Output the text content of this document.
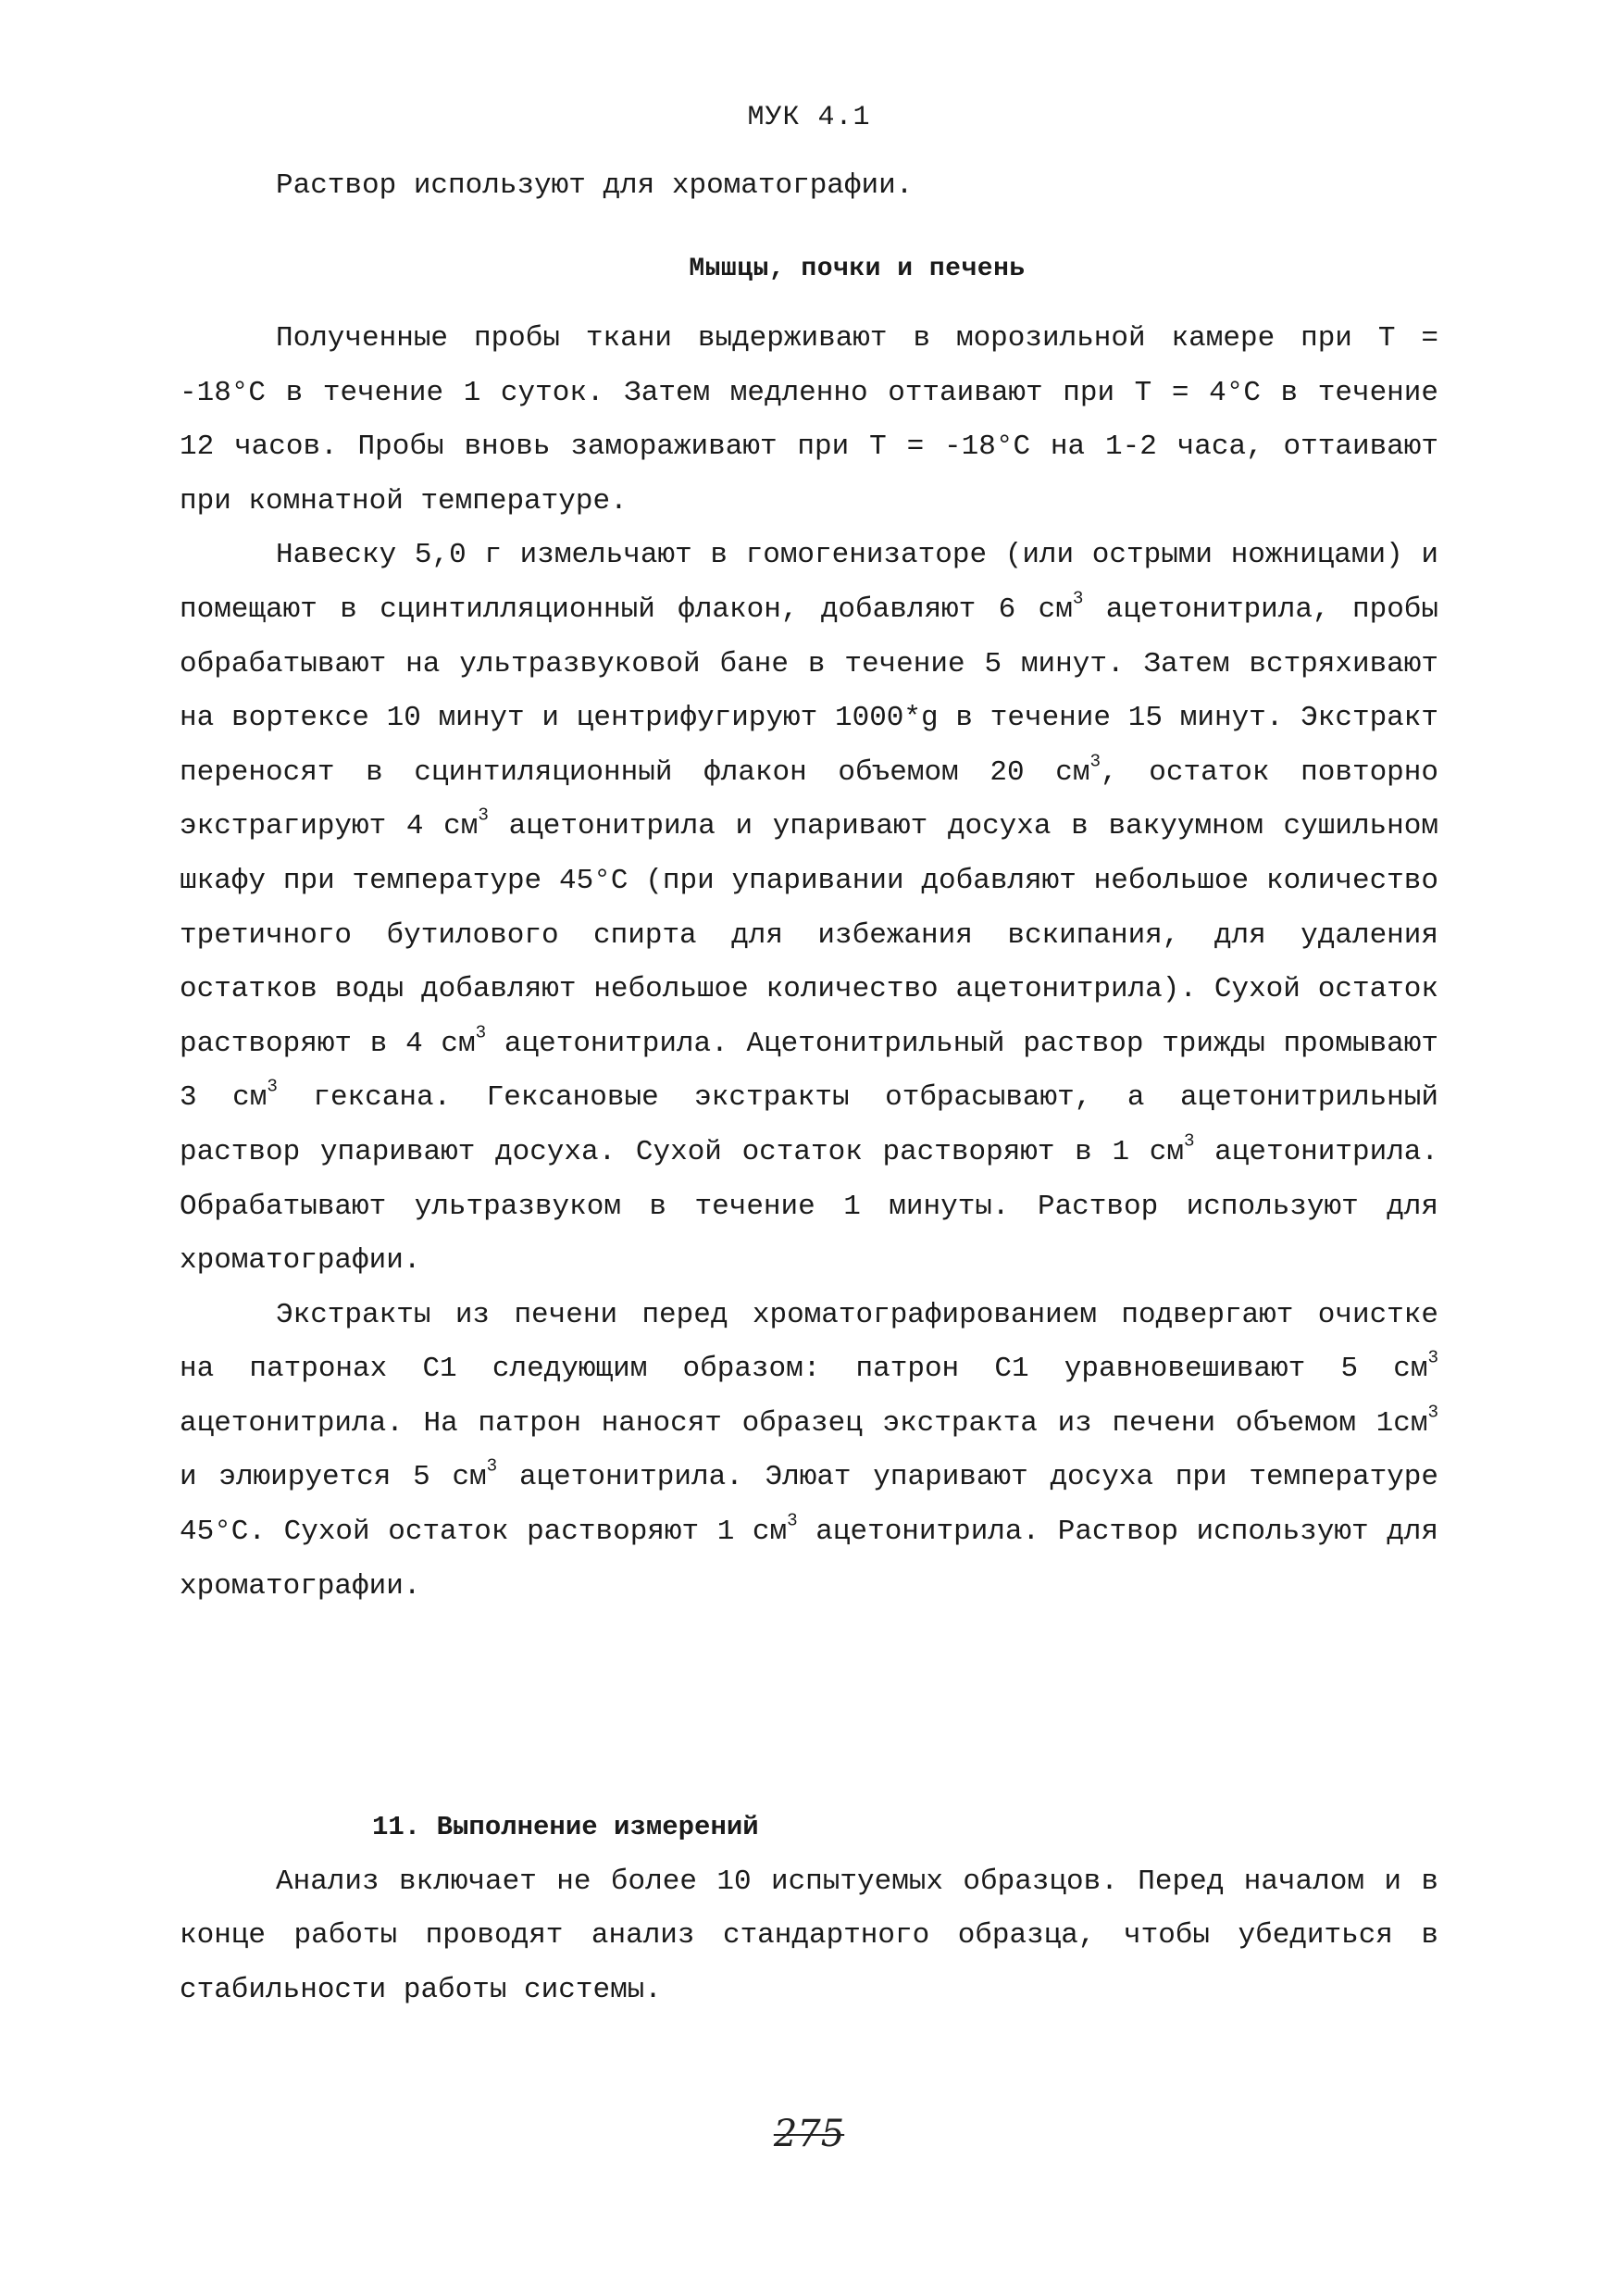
МУК 4.1

Раствор используют для хроматографии.

Мышцы, почки и печень

Полученные пробы ткани выдерживают в морозильной камере при Т = -18°С в течение 1 суток. Затем медленно оттаивают при Т = 4°С в течение 12 часов. Пробы вновь замораживают при Т = -18°С на 1-2 часа, оттаивают при комнатной температуре.

Навеску 5,0 г измельчают в гомогенизаторе (или острыми ножницами) и помещают в сцинтилляционный флакон, добавляют 6 $см^3$ ацетонитрила, пробы обрабатывают на ультразвуковой бане в течение 5 минут. Затем встряхивают на вортексе 10 минут и центрифугируют 1000*g в течение 15 минут. Экстракт переносят в сцинтиляционный флакон объемом 20 $см^3$, остаток повторно экстрагируют 4 $см^3$ ацетонитрила и упаривают досуха в вакуумном сушильном шкафу при температуре 45°С (при упаривании добавляют небольшое количество третичного бутилового спирта для избежания вскипания, для удаления остатков воды добавляют небольшое количество ацетонитрила). Сухой остаток растворяют в 4 $см^3$ ацетонитрила. Ацетонитрильный раствор трижды промывают 3 $см^3$ гексана. Гексановые экстракты отбрасывают, а ацетонитрильный раствор упаривают досуха. Сухой остаток растворяют в 1 $см^3$ ацетонитрила. Обрабатывают ультразвуком в течение 1 минуты. Раствор используют для хроматографии.

Экстракты из печени перед хроматографированием подвергают очистке на патронах С1 следующим образом: патрон С1 уравновешивают 5 $см^3$ ацетонитрила. На патрон наносят образец экстракта из печени объемом $1см^3$ и элюируется 5 $см^3$ ацетонитрила. Элюат упаривают досуха при температуре 45°С. Сухой остаток растворяют 1 $см^3$ ацетонитрила. Раствор используют для хроматографии.

11. Выполнение измерений

Анализ включает не более 10 испытуемых образцов. Перед началом и в конце работы проводят анализ стандартного образца, чтобы убедиться в стабильности работы системы.

275
